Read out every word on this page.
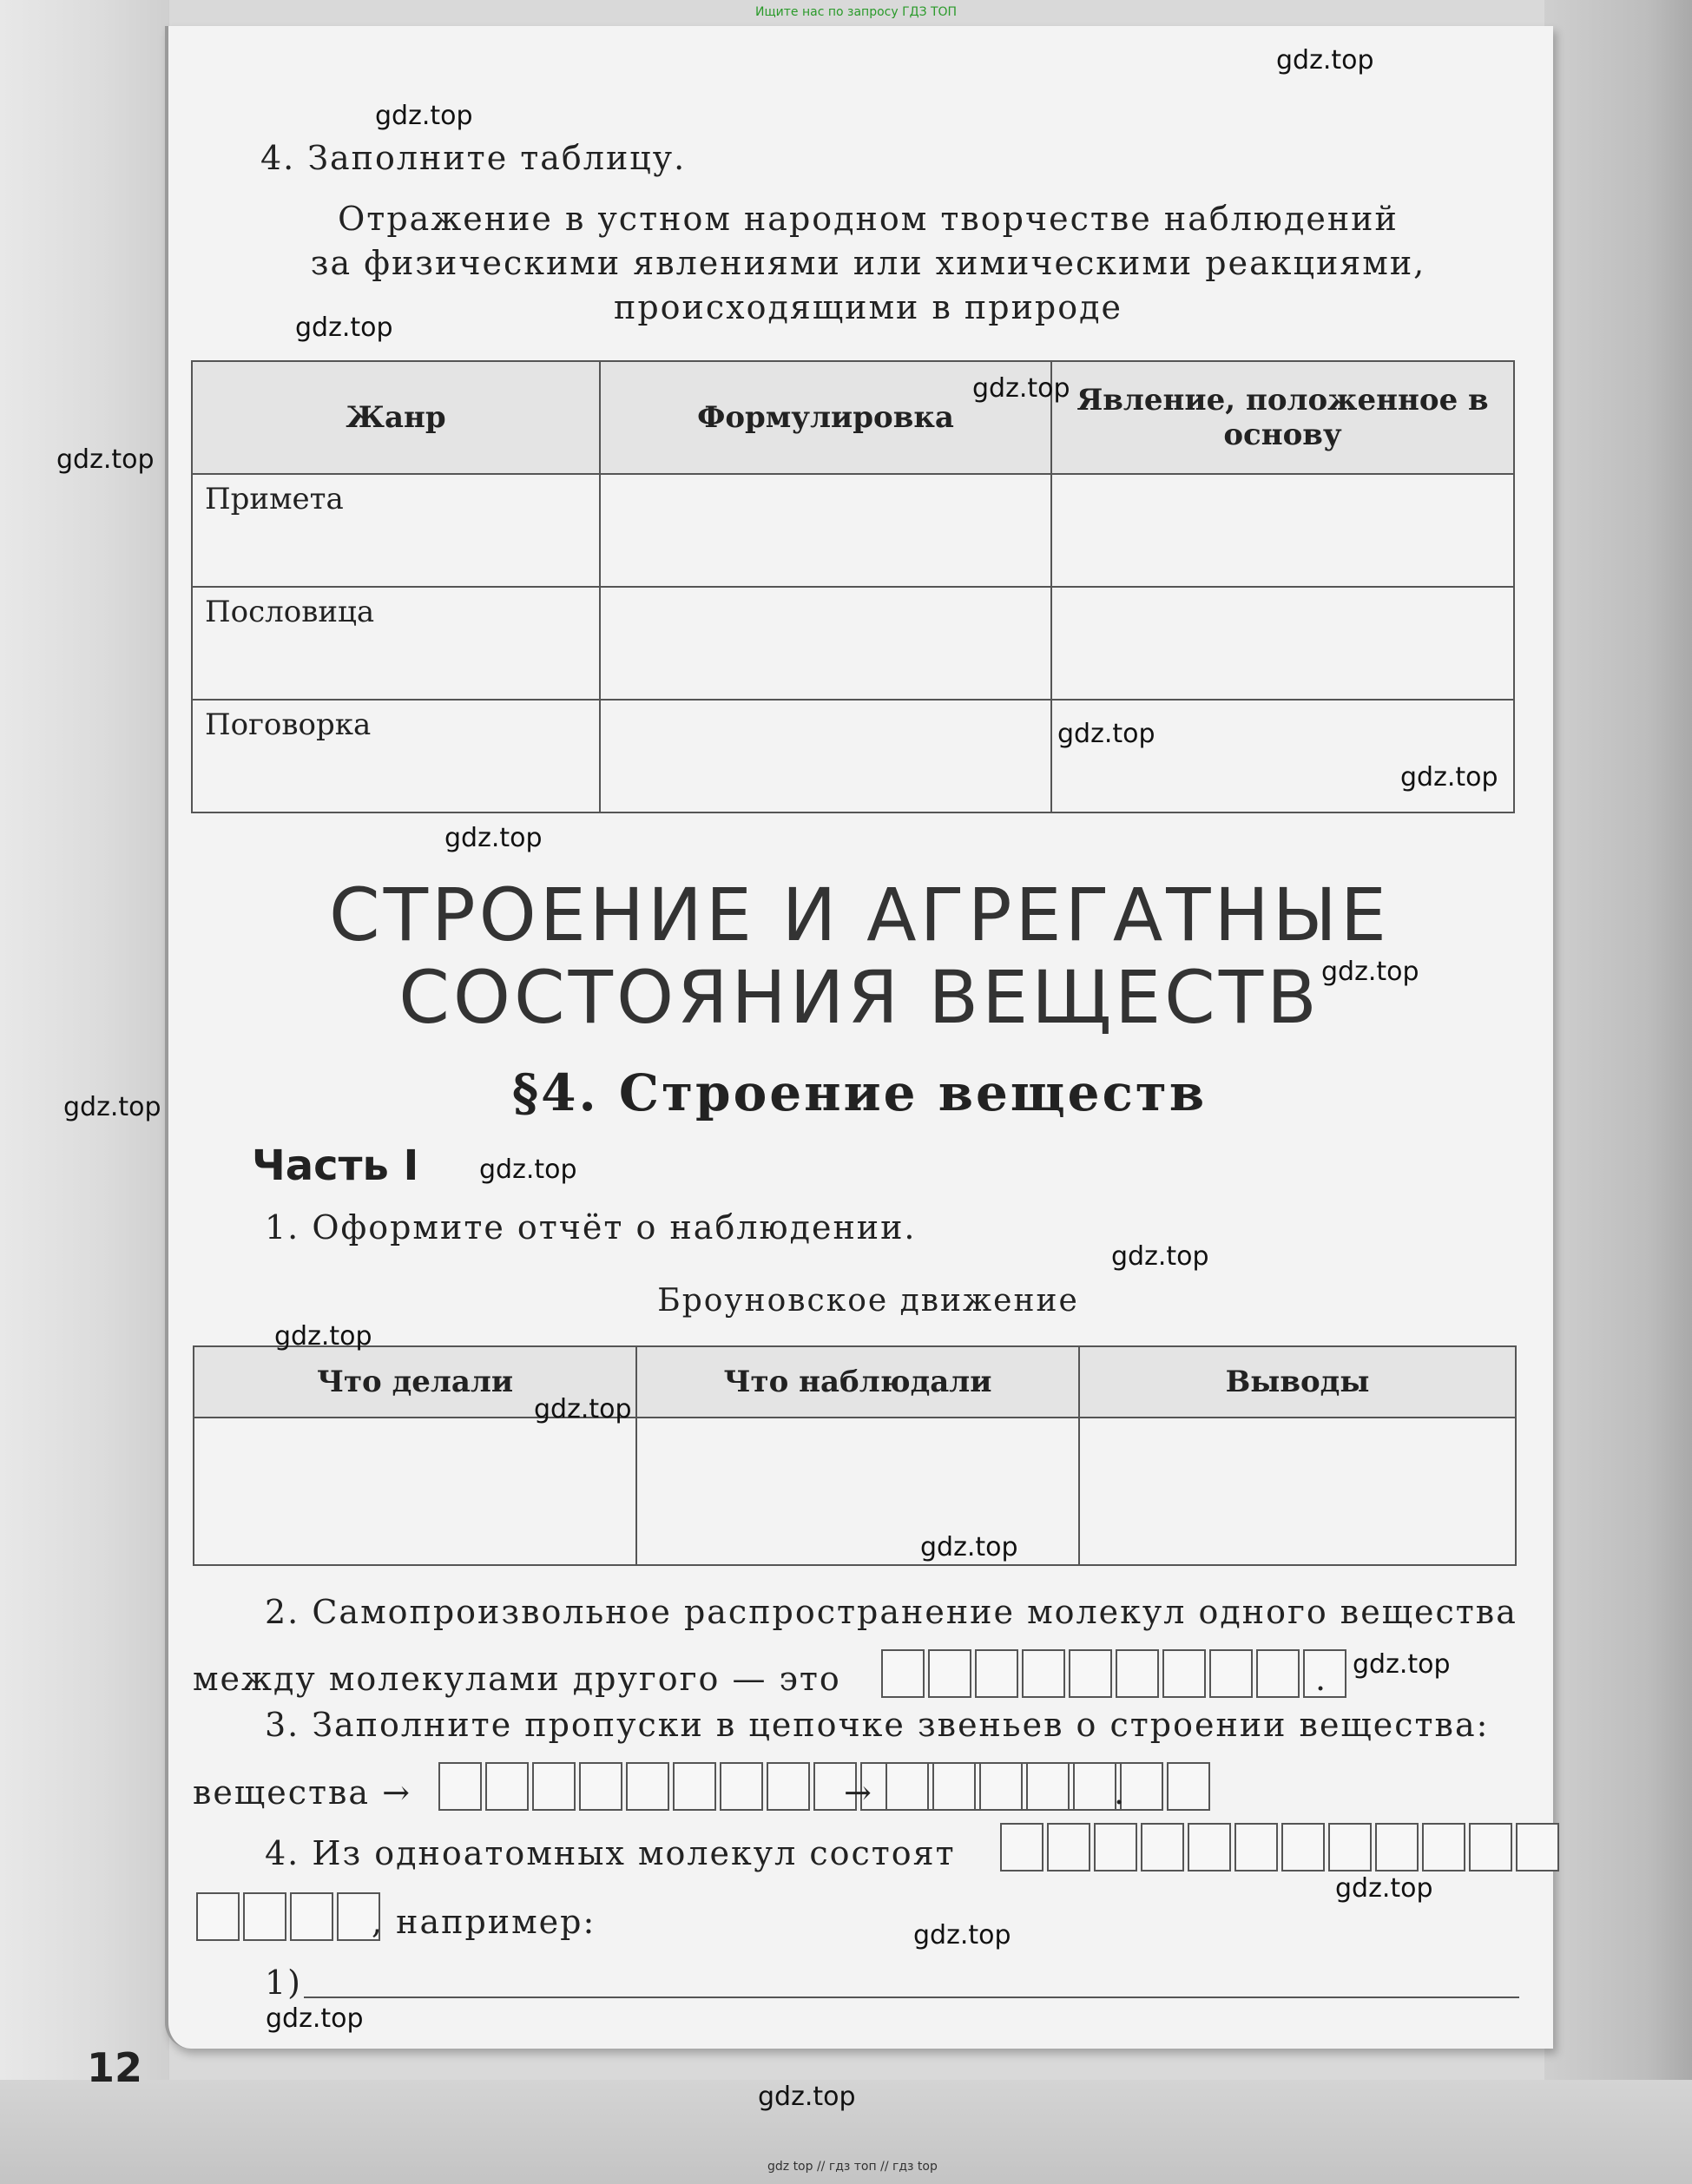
Ищите нас по запросу ГДЗ ТОП
4. Заполните таблицу.
Отражение в устном народном творчестве наблюдений
за физическими явлениями или химическими реакциями,
происходящими в природе
Жанр	Формулировка	Явление, положенное в основу
Примета		
Пословица		
Поговорка		
СТРОЕНИЕ И АГРЕГАТНЫЕ
СОСТОЯНИЯ ВЕЩЕСТВ
§4. Строение веществ
Часть I
1. Оформите отчёт о наблюдении.
Броуновское движение
Что делали	Что наблюдали	Выводы

2. Самопроизвольное распространение молекул одного вещества
между молекулами другого — это	.
3. Заполните пропуски в цепочке звеньев о строении вещества:
вещества →	→	.
4. Из одноатомных молекул состоят
, например:
1)
12
gdz.top
gdz.top
gdz.top
gdz.top
gdz.top
gdz.top
gdz.top
gdz.top
gdz.top
gdz.top
gdz.top
gdz.top
gdz.top
gdz.top
gdz.top
gdz.top
gdz.top
gdz.top
gdz.top
gdz.top
gdz top // гдз топ // гдз top
